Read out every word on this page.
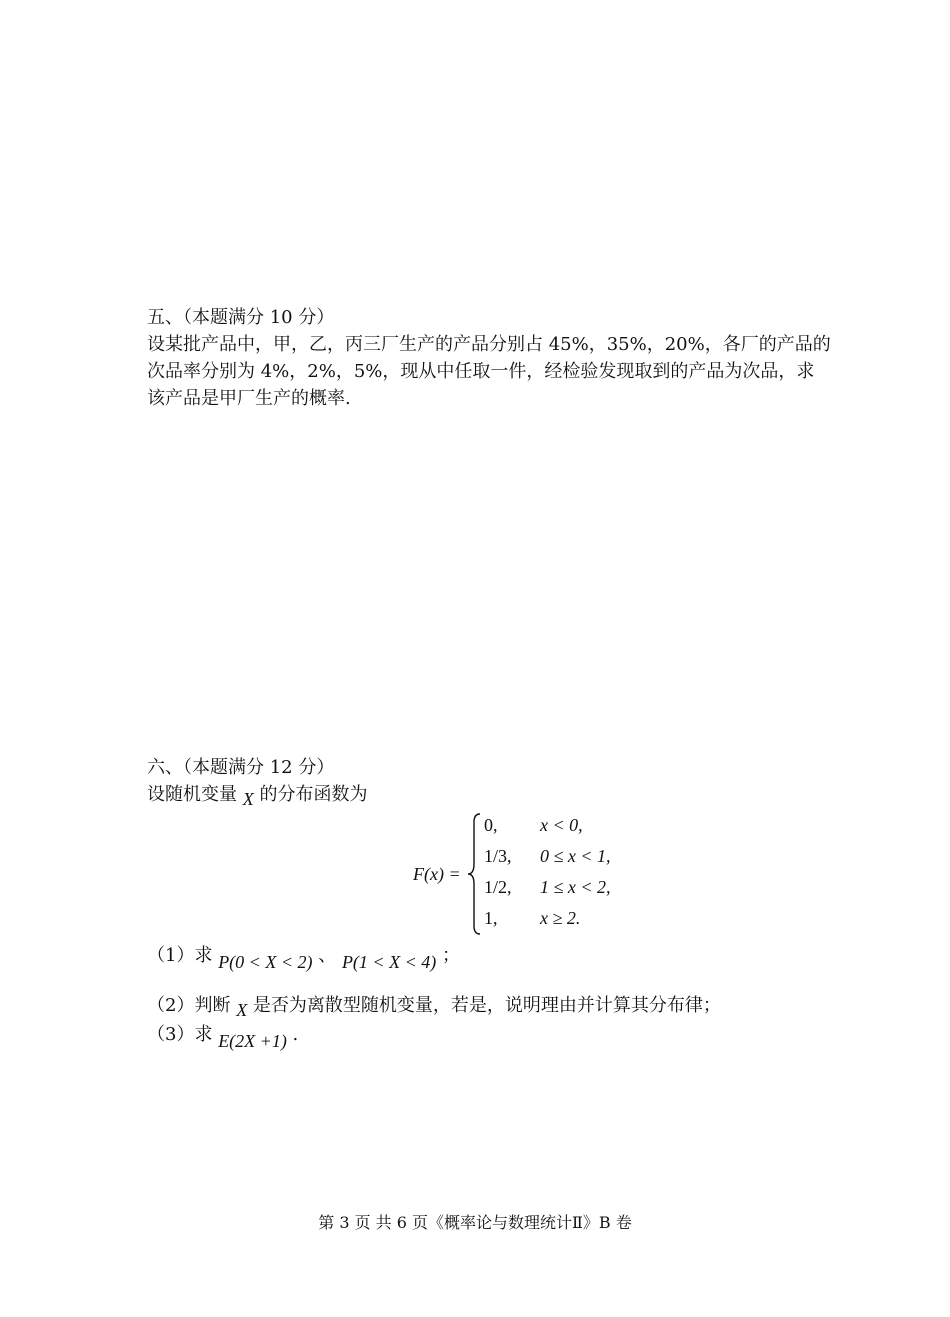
五、（本题满分 10 分）
设某批产品中，甲，乙，丙三厂生产的产品分别占 45%，35%，20%，各厂的产品的
次品率分别为 4%，2%，5%，现从中任取一件，经检验发现取到的产品为次品，求
该产品是甲厂生产的概率.
六、（本题满分 12 分）
设随机变量 X 的分布函数为
F(x) =
0, x < 0,
1/3, 0 ≤ x < 1,
1/2, 1 ≤ x < 2,
1, x ≥ 2.
（1）求 P(0 < X < 2) 、 P(1 < X < 4) ；
（2）判断 X 是否为离散型随机变量，若是，说明理由并计算其分布律；
（3）求 E(2X +1) .
第 3 页 共 6 页《概率论与数理统计Ⅱ》B 卷
